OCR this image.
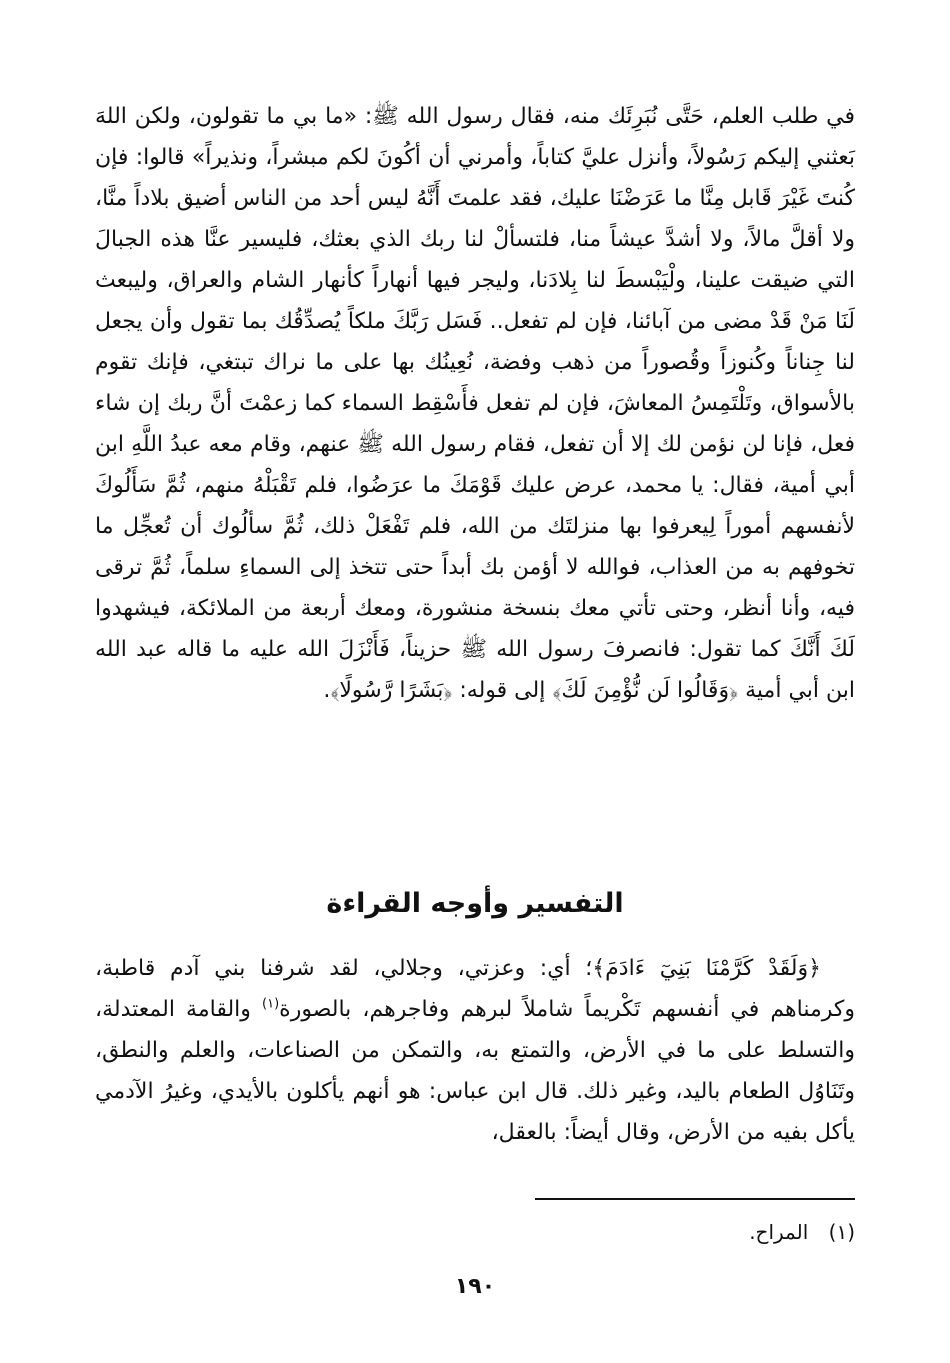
في طلب العلم، حَتَّى نُبَرِئَك منه، فقال رسول الله ﷺ: «ما بي ما تقولون، ولكن اللهَ بَعثني إليكم رَسُولاً، وأنزل عليَّ كتاباً، وأمرني أن أكُونَ لكم مبشراً، ونذيراً» قالوا: فإن كُنتَ غَيْرَ قَابل مِنَّا ما عَرَضْنَا عليك، فقد علمتَ أَنَّهُ ليس أحد من الناس أضيق بلاداً منَّا، ولا أقلَّ مالاً، ولا أشدَّ عيشاً منا، فلتسألْ لنا ربك الذي بعثك، فليسير عنَّا هذه الجبالَ التي ضيقت علينا، ولْيَبْسطَ لنا بِلادَنا، وليجر فيها أنهاراً كأنهار الشام والعراق، وليبعث لَنَا مَنْ قَدْ مضى من آبائنا، فإن لم تفعل.. فَسَل رَبَّكَ ملكاً يُصدِّقُك بما تقول وأن يجعل لنا جِناناً وكُنوزاً وقُصوراً من ذهب وفضة، نُعِينُك بها على ما نراك تبتغي، فإنك تقوم بالأسواق، وتَلْتَمِسُ المعاشَ، فإن لم تفعل فأَسْقِط السماء كما زعمْتَ أنَّ ربك إن شاء فعل، فإنا لن نؤمن لك إلا أن تفعل، فقام رسول الله ﷺ عنهم، وقام معه عبدُ اللَّهِ ابن أبي أمية، فقال: يا محمد، عرض عليك قَوْمَكَ ما عرَضُوا، فلم تَقْبَلْهُ منهم، ثُمَّ سَأَلُوكَ لأنفسهم أموراً لِيعرفوا بها منزلتَك من الله، فلم تَفْعَلْ ذلك، ثُمَّ سألُوك أن تُعجِّل ما تخوفهم به من العذاب، فوالله لا أؤمن بك أبداً حتى تتخذ إلى السماءِ سلماً، ثُمَّ ترقى فيه، وأنا أنظر، وحتى تأتي معك بنسخة منشورة، ومعك أربعة من الملائكة، فيشهدوا لَكَ أَنَّكَ كما تقول: فانصرفَ رسول الله ﷺ حزيناً، فَأَنْزَلَ الله عليه ما قاله عبد الله ابن أبي أمية ﴿وَقَالُوا لَن نُّؤْمِنَ لَكَ﴾ إلى قوله: ﴿بَشَرًا رَّسُولًا﴾.

التفسير وأوجه القراءة

﴿وَلَقَدْ كَرَّمْنَا بَنِيٓ ءَادَمَ﴾؛ أي: وعزتي، وجلالي، لقد شرفنا بني آدم قاطبة، وكرمناهم في أنفسهم تَكْريماً شاملاً لبرهم وفاجرهم، بالصورة$^{(١)}$ والقامة المعتدلة، والتسلط على ما في الأرض، والتمتع به، والتمكن من الصناعات، والعلم والنطق، وتَنَاوُل الطعام باليد، وغير ذلك. قال ابن عباس: هو أنهم يأكلون بالأيدي، وغيرُ الآدمي يأكل بفيه من الأرض، وقال أيضاً: بالعقل،

(١) المراح.
١٩٠
